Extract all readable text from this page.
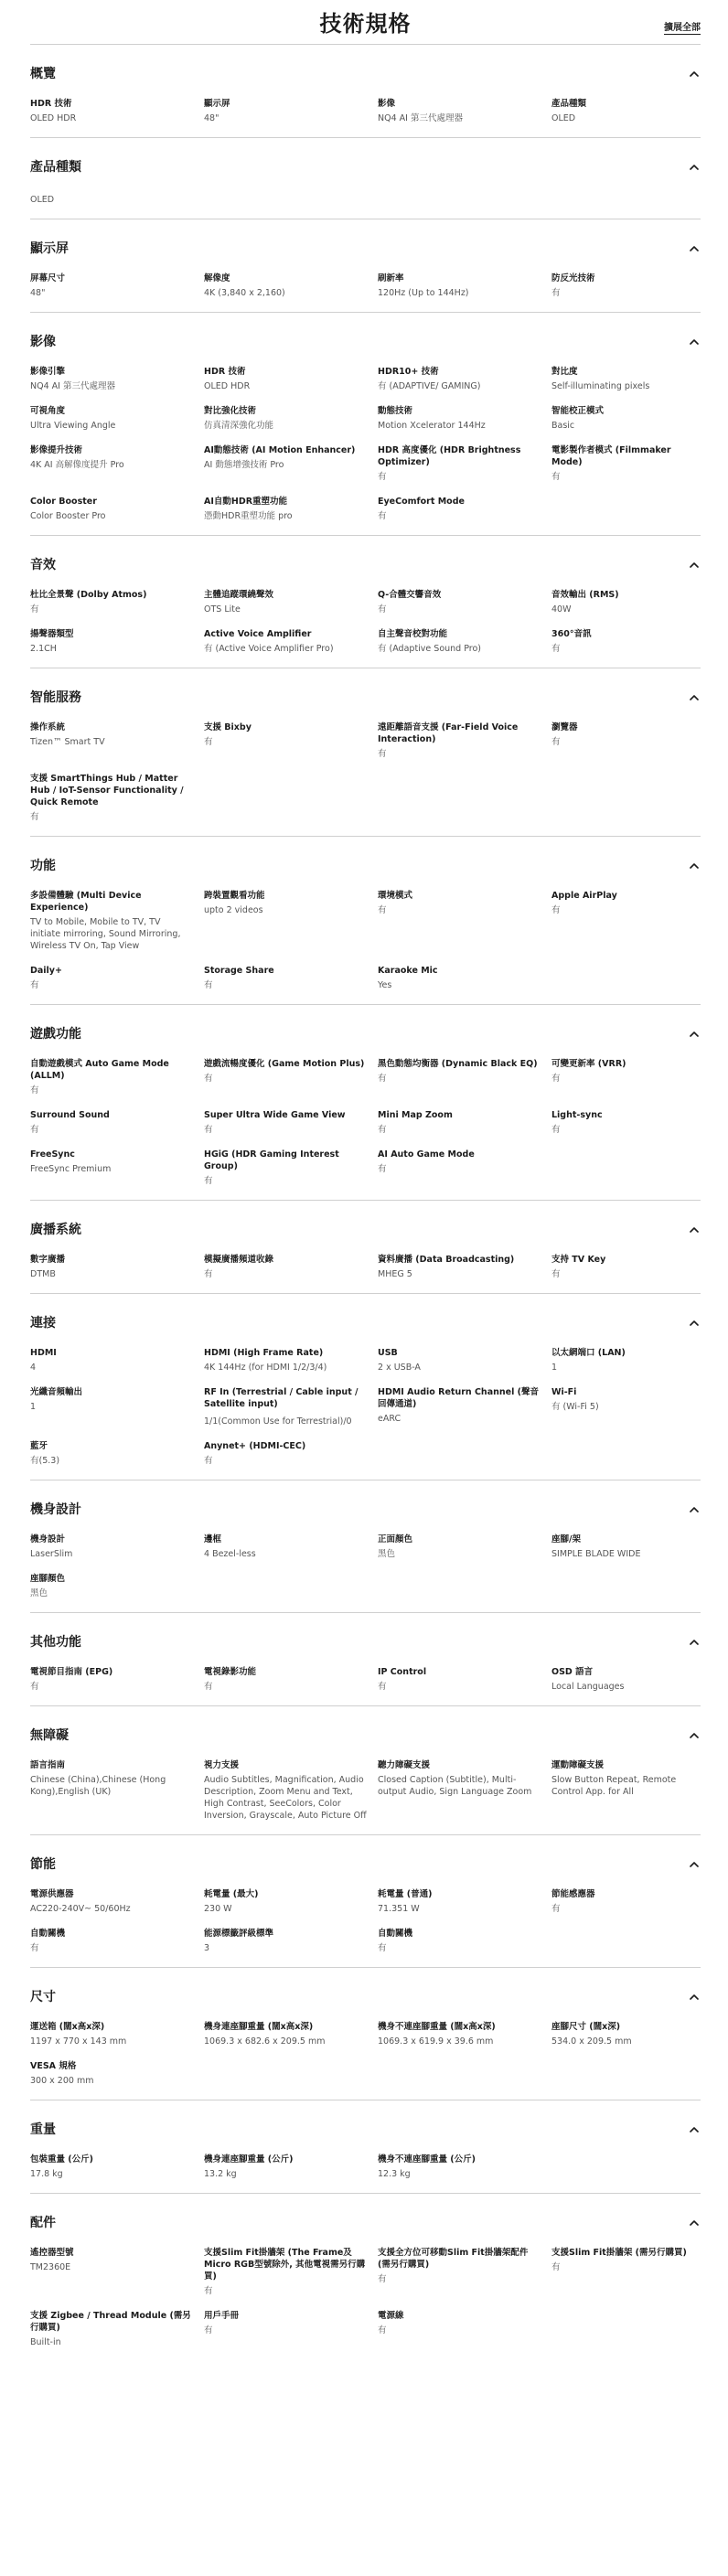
技術規格	擴展全部
概覽
HDR 技術
OLED HDR
顯示屏
48"
影像
NQ4 AI 第三代處理器
產品種類
OLED
產品種類
OLED
顯示屏
屏幕尺寸
48"
解像度
4K (3,840 x 2,160)
刷新率
120Hz (Up to 144Hz)
防反光技術
有
影像
影像引擎
NQ4 AI 第三代處理器
HDR 技術
OLED HDR
HDR10+ 技術
有 (ADAPTIVE/ GAMING)
對比度
Self-illuminating pixels
可視角度
Ultra Viewing Angle
對比強化技術
仿真清深強化功能
動態技術
Motion Xcelerator 144Hz
智能校正模式
Basic
影像提升技術
4K AI 高解像度提升 Pro
AI動態技術 (AI Motion Enhancer)
AI 動態增強技術 Pro
HDR 高度優化 (HDR Brightness Optimizer)
有
電影製作者模式 (Filmmaker Mode)
有
Color Booster
Color Booster Pro
AI自動HDR重塑功能
憑動HDR重塑功能 pro
EyeComfort Mode
有
音效
杜比全景聲 (Dolby Atmos)
有
主體追蹤環繞聲效
OTS Lite
Q-合體交響音效
有
音效輸出 (RMS)
40W
揚聲器類型
2.1CH
Active Voice Amplifier
有 (Active Voice Amplifier Pro)
自主聲音校對功能
有 (Adaptive Sound Pro)
360°音訊
有
智能服務
操作系統
Tizen™ Smart TV
支援 Bixby
有
遠距離語音支援 (Far-Field Voice Interaction)
有
瀏覽器
有
支援 SmartThings Hub / Matter Hub / IoT-Sensor Functionality / Quick Remote
有
功能
多設備體驗 (Multi Device Experience)
TV to Mobile, Mobile to TV, TV initiate mirroring, Sound Mirroring, Wireless TV On, Tap View
跨裝置觀看功能
upto 2 videos
環境模式
有
Apple AirPlay
有
Daily+
有
Storage Share
有
Karaoke Mic
Yes
遊戲功能
自動遊戲模式 Auto Game Mode (ALLM)
有
遊戲流暢度優化 (Game Motion Plus)
有
黑色動態均衡器 (Dynamic Black EQ)
有
可變更新率 (VRR)
有
Surround Sound
有
Super Ultra Wide Game View
有
Mini Map Zoom
有
Light-sync
有
FreeSync
FreeSync Premium
HGiG (HDR Gaming Interest Group)
有
AI Auto Game Mode
有
廣播系統
數字廣播
DTMB
模擬廣播頻道收錄
有
資料廣播 (Data Broadcasting)
MHEG 5
支持 TV Key
有
連接
HDMI
4
HDMI (High Frame Rate)
4K 144Hz (for HDMI 1/2/3/4)
USB
2 x USB-A
以太網端口 (LAN)
1
光纖音頻輸出
1
RF In (Terrestrial / Cable input / Satellite input)
1/1(Common Use for Terrestrial)/0
HDMI Audio Return Channel (聲音回傳通道)
eARC
Wi-Fi
有 (Wi-Fi 5)
藍牙
有(5.3)
Anynet+ (HDMI-CEC)
有
機身設計
機身設計
LaserSlim
邊框
4 Bezel-less
正面顏色
黑色
座腳/架
SIMPLE BLADE WIDE
座腳顏色
黑色
其他功能
電視節目指南 (EPG)
有
電視錄影功能
有
IP Control
有
OSD 語言
Local Languages
無障礙
語言指南
Chinese (China),Chinese (Hong Kong),English (UK)
視力支援
Audio Subtitles, Magnification, Audio Description, Zoom Menu and Text, High Contrast, SeeColors, Color Inversion, Grayscale, Auto Picture Off
聽力障礙支援
Closed Caption (Subtitle), Multi-output Audio, Sign Language Zoom
運動障礙支援
Slow Button Repeat, Remote Control App. for All
節能
電源供應器
AC220-240V~ 50/60Hz
耗電量 (最大)
230 W
耗電量 (普通)
71.351 W
節能感應器
有
自動關機
有
能源標籤評級標準
3
自動關機
有
尺寸
運送箱 (闊x高x深)
1197 x 770 x 143 mm
機身連座腳重量 (闊x高x深)
1069.3 x 682.6 x 209.5 mm
機身不連座腳重量 (闊x高x深)
1069.3 x 619.9 x 39.6 mm
座腳尺寸 (闊x深)
534.0 x 209.5 mm
VESA 規格
300 x 200 mm
重量
包裝重量 (公斤)
17.8 kg
機身連座腳重量 (公斤)
13.2 kg
機身不連座腳重量 (公斤)
12.3 kg
配件
遙控器型號
TM2360E
支援Slim Fit掛牆架 (The Frame及Micro RGB型號除外, 其他電視需另行購買)
有
支援全方位可移動Slim Fit掛牆架配件 (需另行購買)
有
支援Slim Fit掛牆架 (需另行購買)
有
支援 Zigbee / Thread Module (需另行購買)
Built-in
用戶手冊
有
電源線
有
